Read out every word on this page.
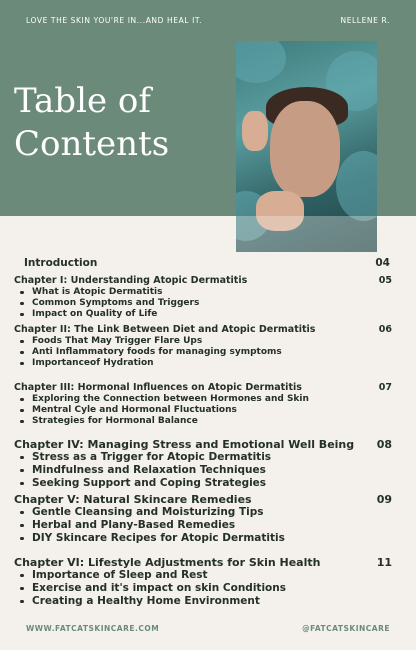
LOVE THE SKIN YOU'RE IN...AND HEAL IT.	NELLENE R.
Table of
Contents
Introduction	04
Chapter I: Understanding Atopic Dermatitis	05
What is Atopic Dermatitis
Common Symptoms and Triggers
Impact on Quality of Life
Chapter II: The Link Between Diet and Atopic Dermatitis	06
Foods That May Trigger Flare Ups
Anti Inflammatory foods for managing symptoms
Importanceof Hydration
Chapter III: Hormonal Influences on Atopic Dermatitis	07
Exploring the Connection between Hormones and Skin
Mentral Cyle and Hormonal Fluctuations
Strategies for Hormonal Balance
Chapter IV: Managing Stress and Emotional Well Being 08
Stress as a Trigger for Atopic Dermatitis
Mindfulness and Relaxation Techniques
Seeking Support and Coping Strategies
Chapter V: Natural Skincare Remedies	09
Gentle Cleansing and Moisturizing Tips
Herbal and Plany-Based Remedies
DIY Skincare Recipes for Atopic Dermatitis
Chapter VI: Lifestyle Adjustments for Skin Health	11
Importance of Sleep and Rest
Exercise and it's impact on skin Conditions
Creating a Healthy Home Environment
WWW.FATCATSKINCARE.COM	@FATCATSKINCARE
